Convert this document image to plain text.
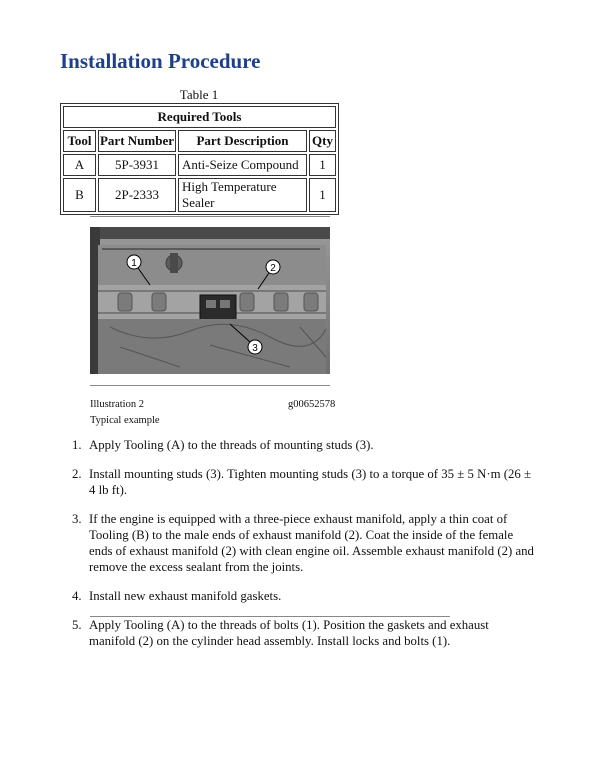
Installation Procedure
Table 1
Required Tools			
Tool	Part Number	Part Description	Qty
A	5P-3931	Anti-Seize Compound	1
B	2P-2333	High Temperature Sealer	1
1	2
3
Illustration 2	g00652578
Typical example
1. Apply Tooling (A) to the threads of mounting studs (3).
2. Install mounting studs (3). Tighten mounting studs (3) to a torque of 35 ± 5 N·m (26 ± 4 lb ft).
3. If the engine is equipped with a three-piece exhaust manifold, apply a thin coat of Tooling (B) to the male ends of exhaust manifold (2). Coat the inside of the female ends of exhaust manifold (2) with clean engine oil. Assemble exhaust manifold (2) and remove the excess sealant from the joints.
4. Install new exhaust manifold gaskets.
5. Apply Tooling (A) to the threads of bolts (1). Position the gaskets and exhaust manifold (2) on the cylinder head assembly. Install locks and bolts (1).
